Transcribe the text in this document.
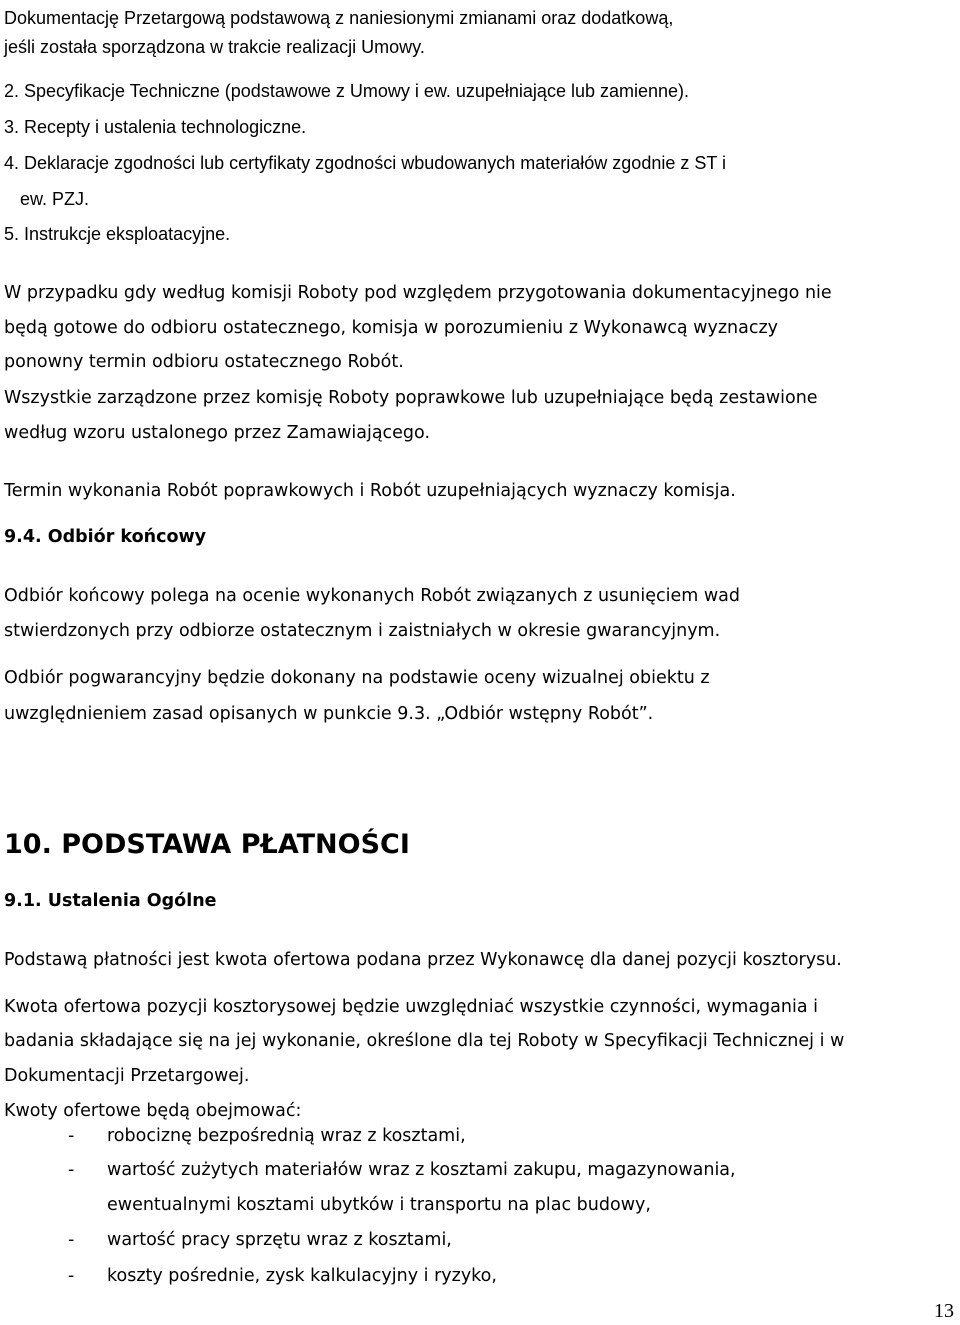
Dokumentację Przetargową podstawową z naniesionymi zmianami oraz dodatkową,
jeśli została sporządzona w trakcie realizacji Umowy.
2. Specyfikacje Techniczne (podstawowe z Umowy i ew. uzupełniające lub zamienne).
3. Recepty i ustalenia technologiczne.
4. Deklaracje zgodności lub certyfikaty zgodności wbudowanych materiałów zgodnie z ST i
ew. PZJ.
5. Instrukcje eksploatacyjne.
W przypadku gdy według komisji Roboty pod względem przygotowania dokumentacyjnego nie
będą gotowe do odbioru ostatecznego, komisja w porozumieniu z Wykonawcą wyznaczy
ponowny termin odbioru ostatecznego Robót.
Wszystkie zarządzone przez komisję Roboty poprawkowe lub uzupełniające będą zestawione
według wzoru ustalonego przez Zamawiającego.
Termin wykonania Robót poprawkowych i Robót uzupełniających wyznaczy komisja.
9.4. Odbiór końcowy
Odbiór końcowy polega na ocenie wykonanych Robót związanych z usunięciem wad
stwierdzonych przy odbiorze ostatecznym i zaistniałych w okresie gwarancyjnym.
Odbiór pogwarancyjny będzie dokonany na podstawie oceny wizualnej obiektu z
uwzględnieniem zasad opisanych w punkcie 9.3. „Odbiór wstępny Robót”.
10. PODSTAWA PŁATNOŚCI
9.1. Ustalenia Ogólne
Podstawą płatności jest kwota ofertowa podana przez Wykonawcę dla danej pozycji kosztorysu.
Kwota ofertowa pozycji kosztorysowej będzie uwzględniać wszystkie czynności, wymagania i
badania składające się na jej wykonanie, określone dla tej Roboty w Specyfikacji Technicznej i w
Dokumentacji Przetargowej.
Kwoty ofertowe będą obejmować:
- robociznę bezpośrednią wraz z kosztami,
- wartość zużytych materiałów wraz z kosztami zakupu, magazynowania,
ewentualnymi kosztami ubytków i transportu na plac budowy,
- wartość pracy sprzętu wraz z kosztami,
- koszty pośrednie, zysk kalkulacyjny i ryzyko,
13
